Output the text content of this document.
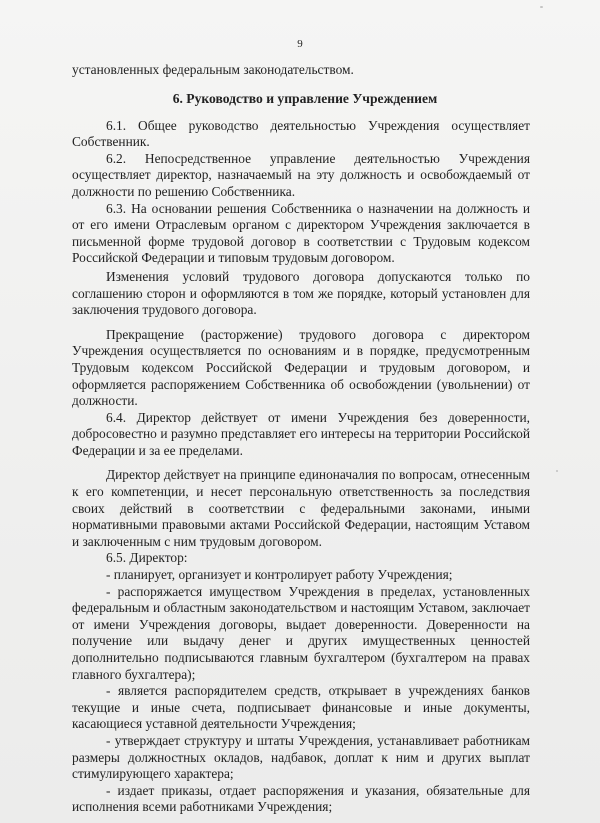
9

установленных федеральным законодательством.

6. Руководство и управление Учреждением

6.1. Общее руководство деятельностью Учреждения осуществляет Собственник.

6.2. Непосредственное управление деятельностью Учреждения осуществляет директор, назначаемый на эту должность и освобождаемый от должности по решению Собственника.

6.3. На основании решения Собственника о назначении на должность и от его имени Отраслевым органом с директором Учреждения заключается в письменной форме трудовой договор в соответствии с Трудовым кодексом Российской Федерации и типовым трудовым договором.

Изменения условий трудового договора допускаются только по соглашению сторон и оформляются в том же порядке, который установлен для заключения трудового договора.

Прекращение (расторжение) трудового договора с директором Учреждения осуществляется по основаниям и в порядке, предусмотренным Трудовым кодексом Российской Федерации и трудовым договором, и оформляется распоряжением Собственника об освобождении (увольнении) от должности.

6.4. Директор действует от имени Учреждения без доверенности, добросовестно и разумно представляет его интересы на территории Российской Федерации и за ее пределами.

Директор действует на принципе единоначалия по вопросам, отнесенным к его компетенции, и несет персональную ответственность за последствия своих действий в соответствии с федеральными законами, иными нормативными правовыми актами Российской Федерации, настоящим Уставом и заключенным с ним трудовым договором.

6.5. Директор:

- планирует, организует и контролирует работу Учреждения;

- распоряжается имуществом Учреждения в пределах, установленных федеральным и областным законодательством и настоящим Уставом, заключает от имени Учреждения договоры, выдает доверенности. Доверенности на получение или выдачу денег и других имущественных ценностей дополнительно подписываются главным бухгалтером (бухгалтером на правах главного бухгалтера);

- является распорядителем средств, открывает в учреждениях банков текущие и иные счета, подписывает финансовые и иные документы, касающиеся уставной деятельности Учреждения;

- утверждает структуру и штаты Учреждения, устанавливает работникам размеры должностных окладов, надбавок, доплат к ним и других выплат стимулирующего характера;

- издает приказы, отдает распоряжения и указания, обязательные для исполнения всеми работниками Учреждения;
